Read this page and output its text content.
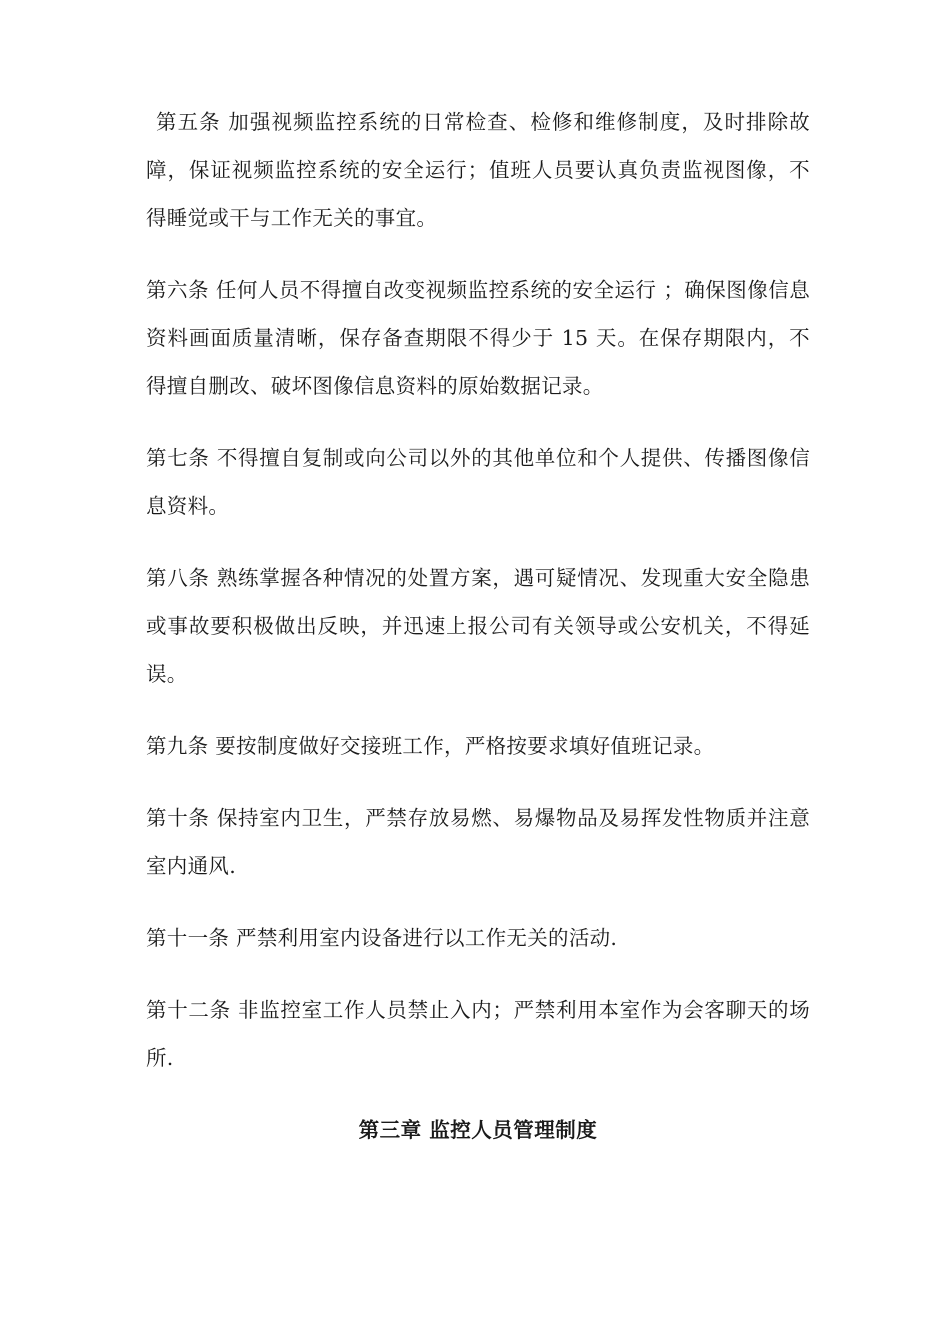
第五条 加强视频监控系统的日常检查、检修和维修制度，及时排除故障，保证视频监控系统的安全运行；值班人员要认真负责监视图像，不得睡觉或干与工作无关的事宜。

第六条 任何人员不得擅自改变视频监控系统的安全运行 ；确保图像信息资料画面质量清晰，保存备查期限不得少于 15 天。在保存期限内，不得擅自删改、破坏图像信息资料的原始数据记录。

第七条 不得擅自复制或向公司以外的其他单位和个人提供、传播图像信息资料。

第八条 熟练掌握各种情况的处置方案，遇可疑情况、发现重大安全隐患或事故要积极做出反映，并迅速上报公司有关领导或公安机关，不得延误。

第九条 要按制度做好交接班工作，严格按要求填好值班记录。

第十条 保持室内卫生，严禁存放易燃、易爆物品及易挥发性物质并注意室内通风.

第十一条 严禁利用室内设备进行以工作无关的活动.

第十二条 非监控室工作人员禁止入内；严禁利用本室作为会客聊天的场所.

第三章 监控人员管理制度
